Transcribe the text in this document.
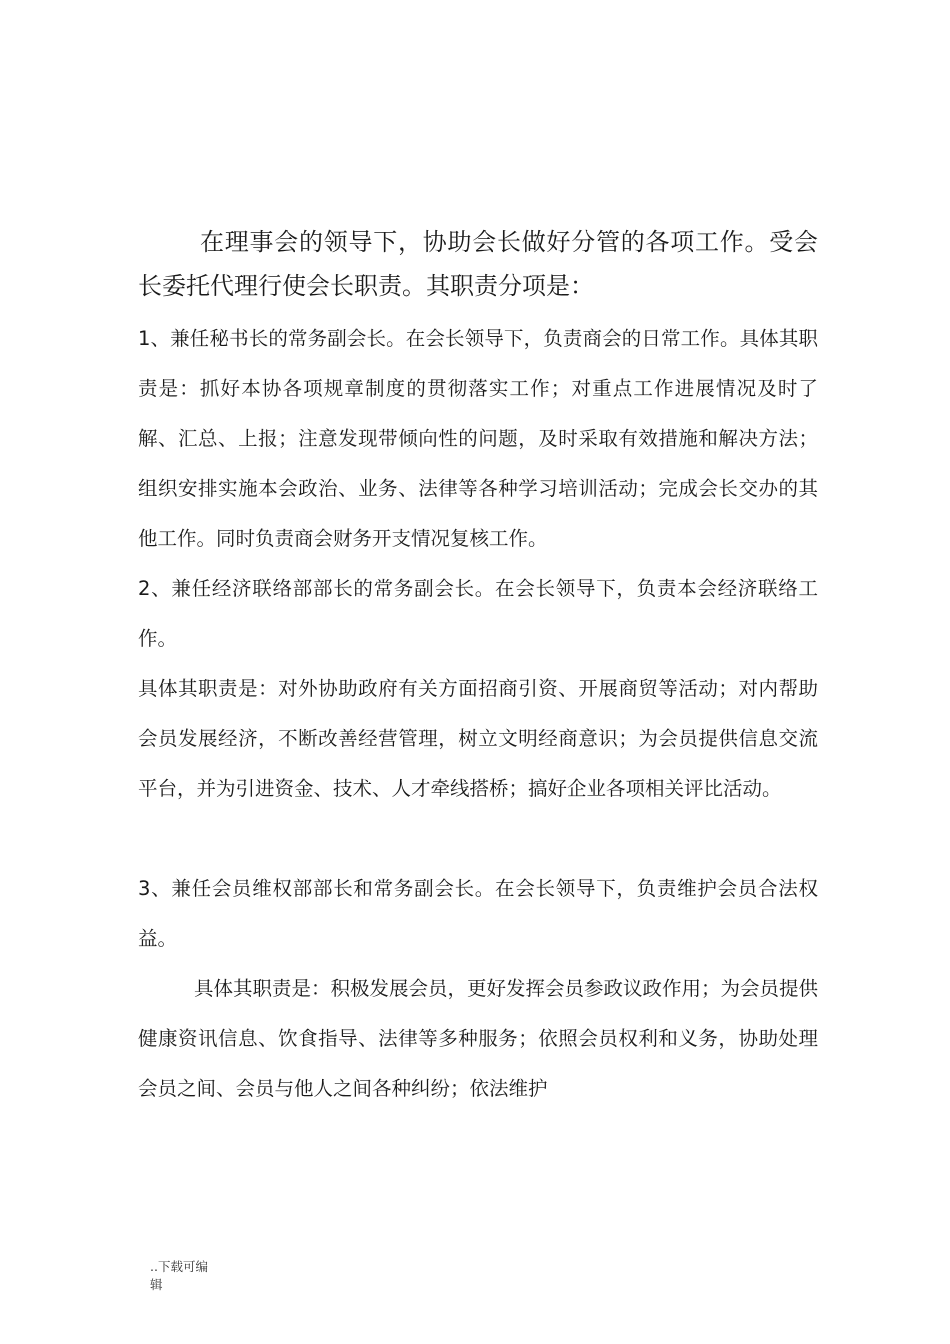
在理事会的领导下，协助会长做好分管的各项工作。受会长委托代理行使会长职责。其职责分项是：

1、兼任秘书长的常务副会长。在会长领导下，负责商会的日常工作。具体其职责是：抓好本协各项规章制度的贯彻落实工作；对重点工作进展情况及时了解、汇总、上报；注意发现带倾向性的问题，及时采取有效措施和解决方法；组织安排实施本会政治、业务、法律等各种学习培训活动；完成会长交办的其他工作。同时负责商会财务开支情况复核工作。

2、兼任经济联络部部长的常务副会长。在会长领导下，负责本会经济联络工作。

具体其职责是：对外协助政府有关方面招商引资、开展商贸等活动；对内帮助会员发展经济，不断改善经营管理，树立文明经商意识；为会员提供信息交流平台，并为引进资金、技术、人才牵线搭桥；搞好企业各项相关评比活动。

3、兼任会员维权部部长和常务副会长。在会长领导下，负责维护会员合法权益。

具体其职责是：积极发展会员，更好发挥会员参政议政作用；为会员提供健康资讯信息、饮食指导、法律等多种服务；依照会员权利和义务，协助处理会员之间、会员与他人之间各种纠纷；依法维护

..下载可编辑
